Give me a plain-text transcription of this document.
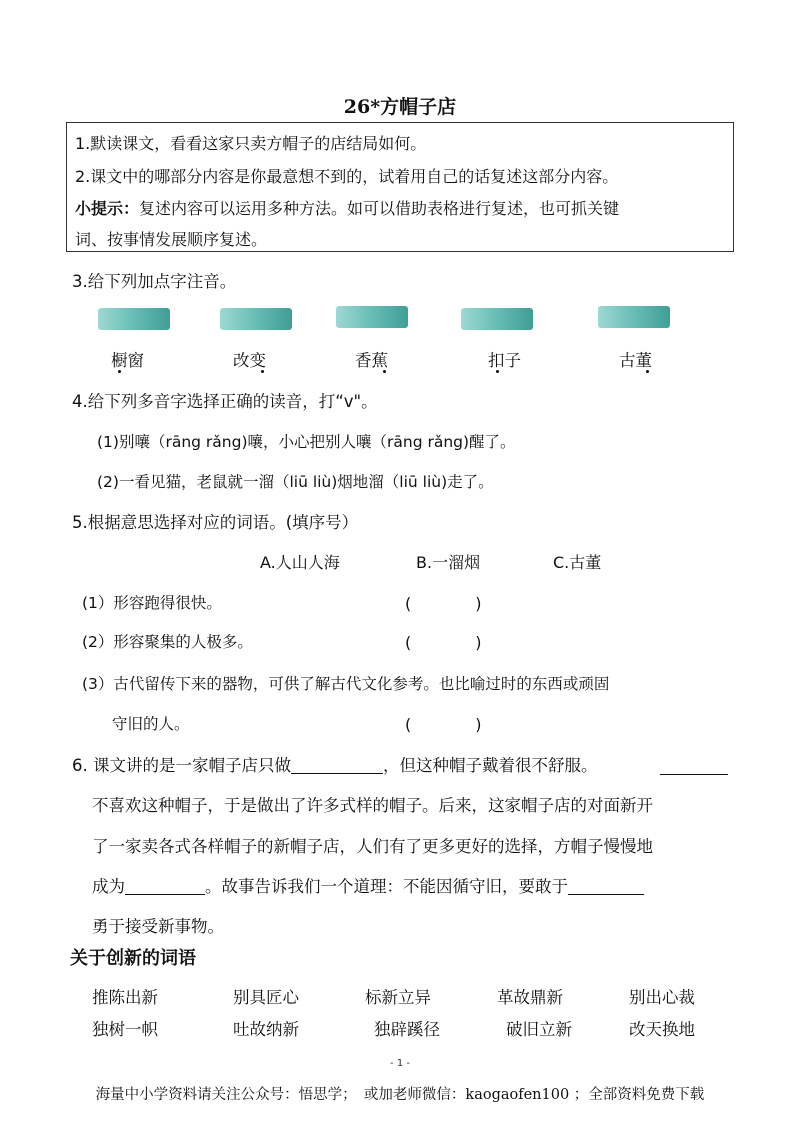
26*方帽子店
1.默读课文，看看这家只卖方帽子的店结局如何。
2.课文中的哪部分内容是你最意想不到的，试着用自己的话复述这部分内容。
小提示：复述内容可以运用多种方法。如可以借助表格进行复述，也可抓关键
词、按事情发展顺序复述。
3.给下列加点字注音。
橱窗	改变	香蕉	扣子	古董
4.给下列多音字选择正确的读音，打“v"。
(1)别嚷（rāng rǎng)嚷，小心把别人嚷（rāng rǎng)醒了。
(2)一看见猫，老鼠就一溜（liū liù)烟地溜（liū liù)走了。
5.根据意思选择对应的词语。(填序号）
A.人山人海	B.一溜烟	C.古董
(1）形容跑得很快。	(　　　　)
(2）形容聚集的人极多。	(　　　　)
(3）古代留传下来的器物，可供了解古代文化参考。也比喻过时的东西或顽固
守旧的人。	(　　　　)
6. 课文讲的是一家帽子店只做	，但这种帽子戴着很不舒服。
不喜欢这种帽子，于是做出了许多式样的帽子。后来，这家帽子店的对面新开
了一家卖各式各样帽子的新帽子店，人们有了更多更好的选择，方帽子慢慢地
成为	。故事告诉我们一个道理：不能因循守旧，要敢于
勇于接受新事物。
关于创新的词语
推陈出新	别具匠心	标新立异	革故鼎新	别出心裁
独树一帜	吐故纳新	独辟蹊径	破旧立新	改天换地
- 1 -
海量中小学资料请关注公众号：悟思学；　或加老师微信：kaogaofen100 ；全部资料免费下载
